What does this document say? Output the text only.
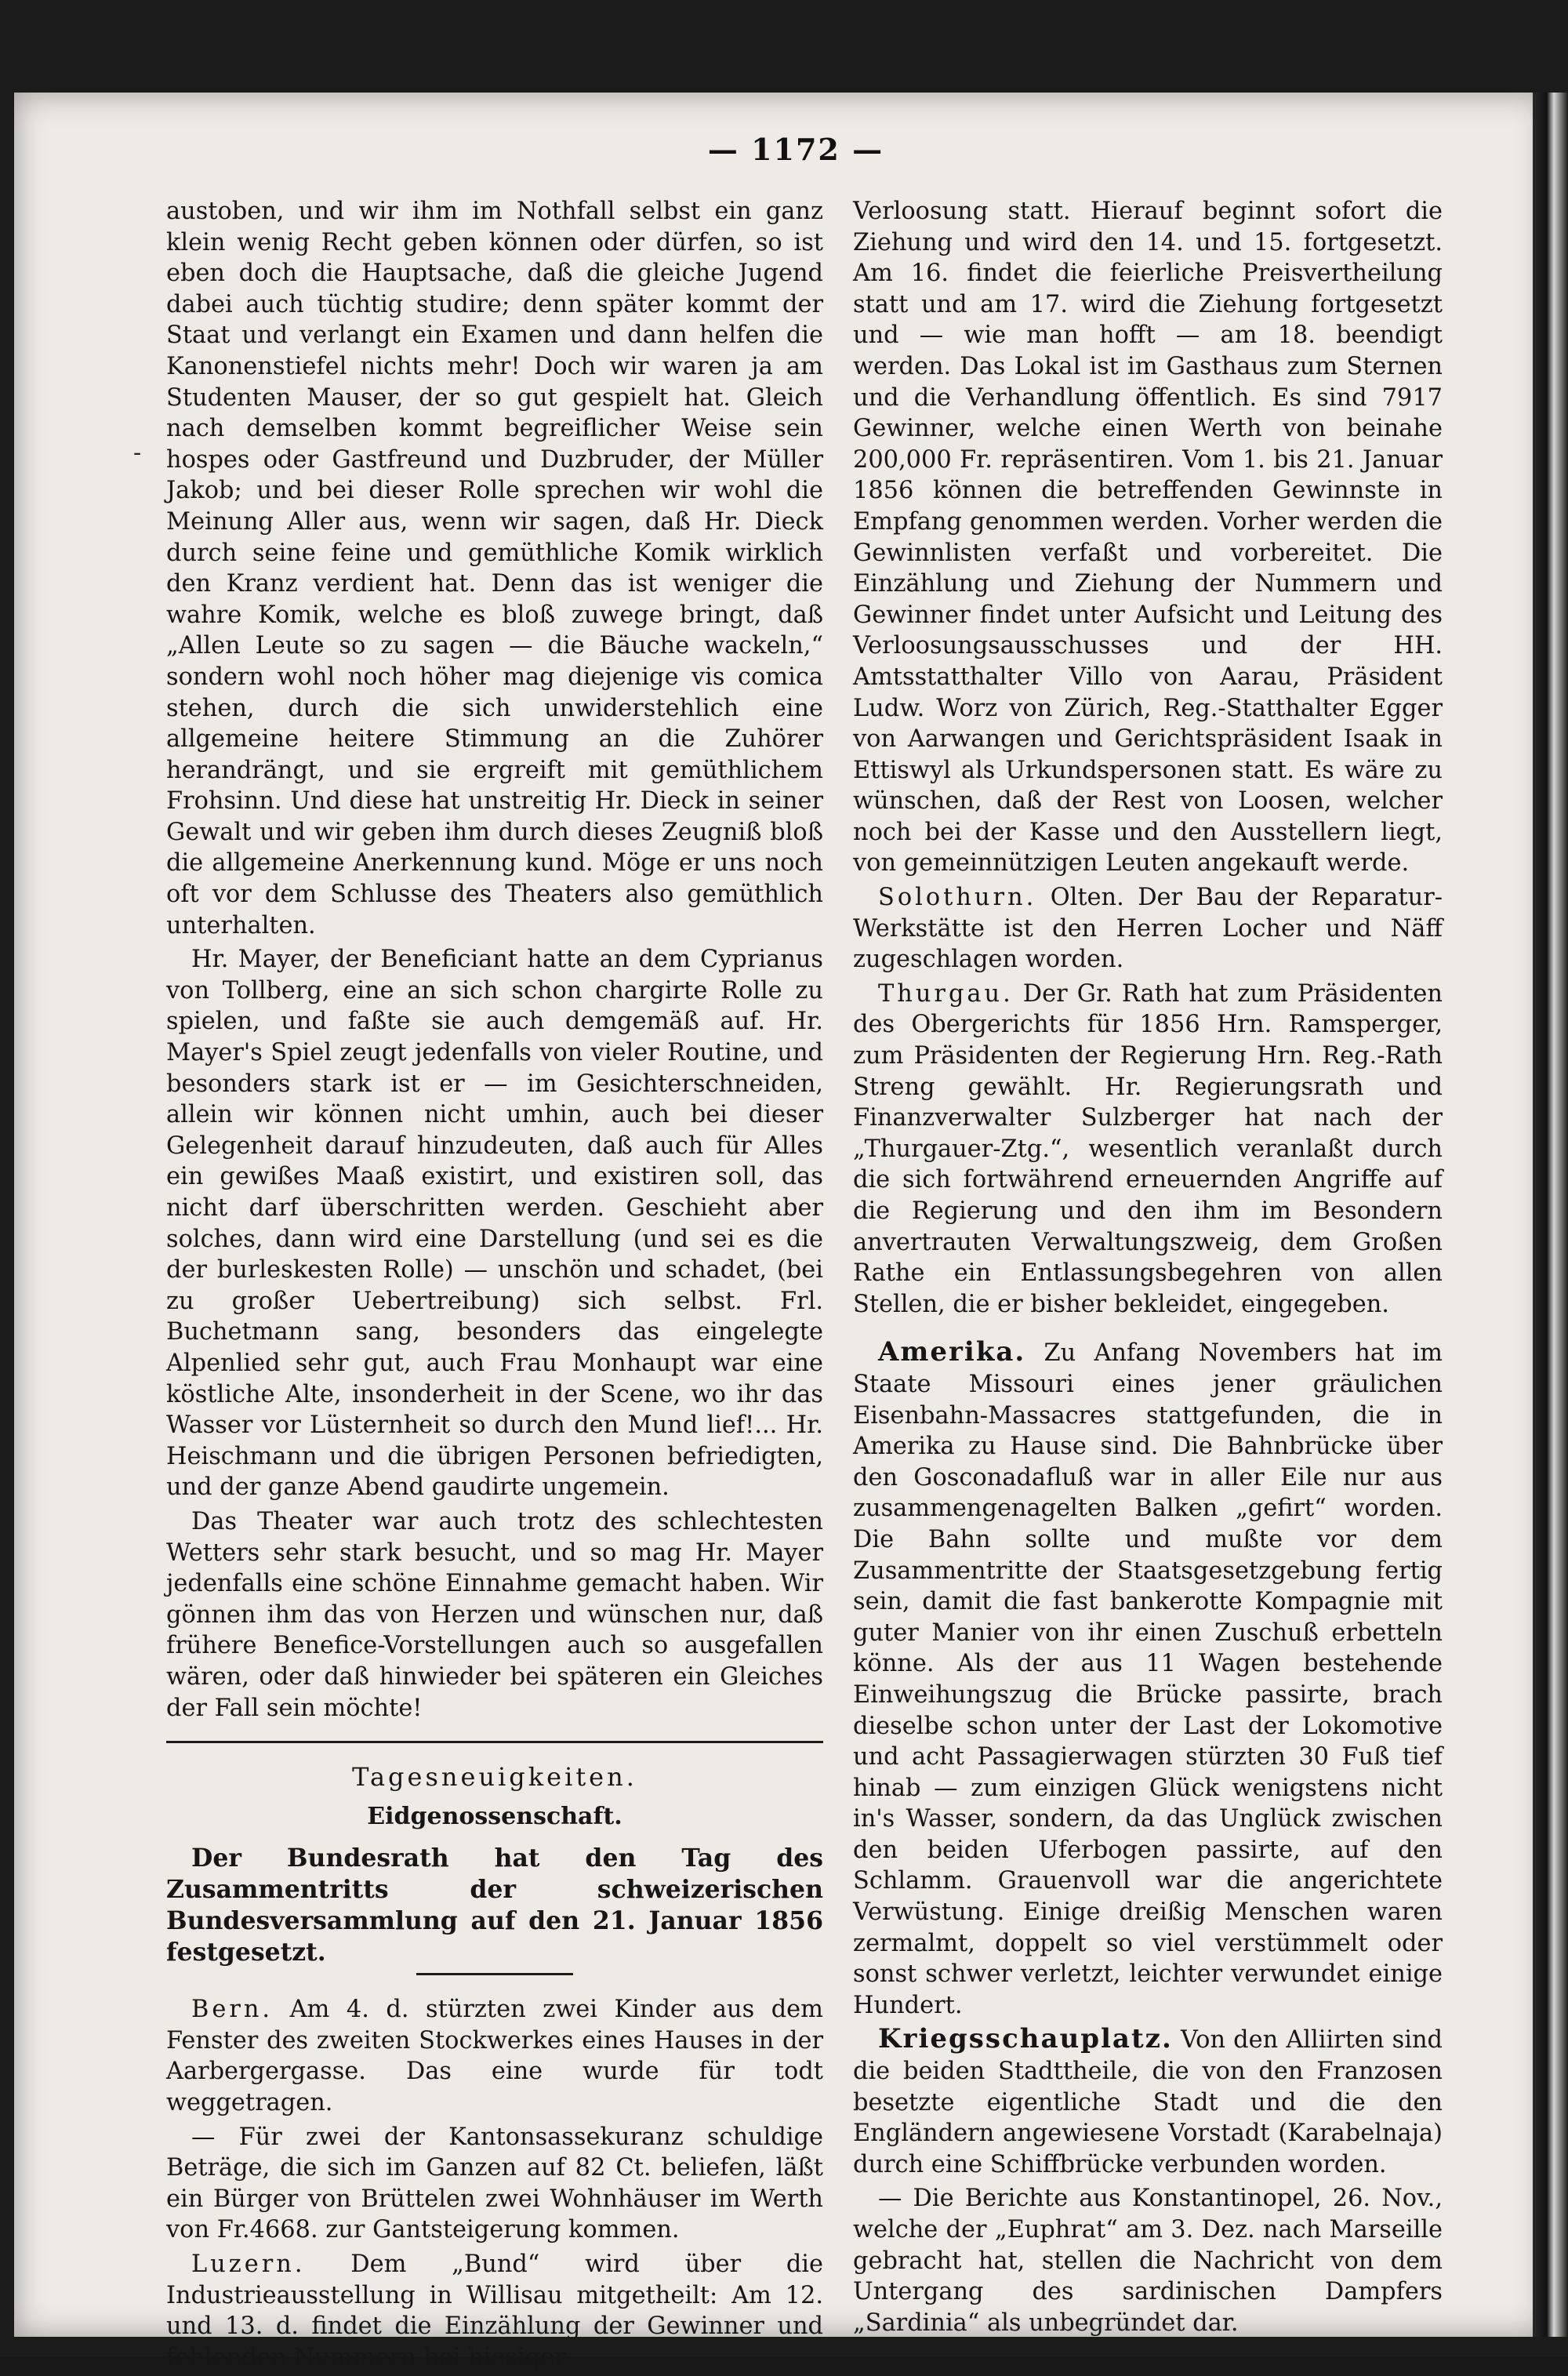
— 1172 —
-

austoben, und wir ihm im Nothfall selbst ein ganz klein wenig Recht geben können oder dürfen, so ist eben doch die Hauptsache, daß die gleiche Jugend dabei auch tüchtig studire; denn später kommt der Staat und verlangt ein Examen und dann helfen die Kanonenstiefel nichts mehr! Doch wir waren ja am Studenten Mauser, der so gut gespielt hat. Gleich nach demselben kommt begreiflicher Weise sein hospes oder Gastfreund und Duzbruder, der Müller Jakob; und bei dieser Rolle sprechen wir wohl die Meinung Aller aus, wenn wir sagen, daß Hr. Dieck durch seine feine und gemüthliche Komik wirklich den Kranz verdient hat. Denn das ist weniger die wahre Komik, welche es bloß zuwege bringt, daß „Allen Leute so zu sagen — die Bäuche wackeln,“ sondern wohl noch höher mag diejenige vis comica stehen, durch die sich unwiderstehlich eine allgemeine heitere Stimmung an die Zuhörer herandrängt, und sie ergreift mit gemüthlichem Frohsinn. Und diese hat unstreitig Hr. Dieck in seiner Gewalt und wir geben ihm durch dieses Zeugniß bloß die allgemeine Anerkennung kund. Möge er uns noch oft vor dem Schlusse des Theaters also gemüthlich unterhalten.

Hr. Mayer, der Beneficiant hatte an dem Cyprianus von Tollberg, eine an sich schon chargirte Rolle zu spielen, und faßte sie auch demgemäß auf. Hr. Mayer's Spiel zeugt jedenfalls von vieler Routine, und besonders stark ist er — im Gesichterschneiden, allein wir können nicht umhin, auch bei dieser Gelegenheit darauf hinzudeuten, daß auch für Alles ein gewißes Maaß existirt, und existiren soll, das nicht darf überschritten werden. Geschieht aber solches, dann wird eine Darstellung (und sei es die der burleskesten Rolle) — unschön und schadet, (bei zu großer Uebertreibung) sich selbst. Frl. Buchetmann sang, besonders das eingelegte Alpenlied sehr gut, auch Frau Monhaupt war eine köstliche Alte, insonderheit in der Scene, wo ihr das Wasser vor Lüsternheit so durch den Mund lief!... Hr. Heischmann und die übrigen Personen befriedigten, und der ganze Abend gaudirte ungemein.

Das Theater war auch trotz des schlechtesten Wetters sehr stark besucht, und so mag Hr. Mayer jedenfalls eine schöne Einnahme gemacht haben. Wir gönnen ihm das von Herzen und wünschen nur, daß frühere Benefice-Vorstellungen auch so ausgefallen wären, oder daß hinwieder bei späteren ein Gleiches der Fall sein möchte!

Tagesneuigkeiten.
Eidgenossenschaft.

Der Bundesrath hat den Tag des Zusammentritts der schweizerischen Bundesversammlung auf den 21. Januar 1856 festgesetzt.

Bern. Am 4. d. stürzten zwei Kinder aus dem Fenster des zweiten Stockwerkes eines Hauses in der Aarbergergasse. Das eine wurde für todt weggetragen.

— Für zwei der Kantonsassekuranz schuldige Beträge, die sich im Ganzen auf 82 Ct. beliefen, läßt ein Bürger von Brüttelen zwei Wohnhäuser im Werth von Fr.4668. zur Gantsteigerung kommen.

Luzern. Dem „Bund“ wird über die Industrieausstellung in Willisau mitgetheilt: Am 12. und 13. d. findet die Einzählung der Gewinner und fehlenden Nummern bei hiesiger

Verloosung statt. Hierauf beginnt sofort die Ziehung und wird den 14. und 15. fortgesetzt. Am 16. findet die feierliche Preisvertheilung statt und am 17. wird die Ziehung fortgesetzt und — wie man hofft — am 18. beendigt werden. Das Lokal ist im Gasthaus zum Sternen und die Verhandlung öffentlich. Es sind 7917 Gewinner, welche einen Werth von beinahe 200,000 Fr. repräsentiren. Vom 1. bis 21. Januar 1856 können die betreffenden Gewinnste in Empfang genommen werden. Vorher werden die Gewinnlisten verfaßt und vorbereitet. Die Einzählung und Ziehung der Nummern und Gewinner findet unter Aufsicht und Leitung des Verloosungsausschusses und der HH. Amtsstatthalter Villo von Aarau, Präsident Ludw. Worz von Zürich, Reg.-Statthalter Egger von Aarwangen und Gerichtspräsident Isaak in Ettiswyl als Urkundspersonen statt. Es wäre zu wünschen, daß der Rest von Loosen, welcher noch bei der Kasse und den Ausstellern liegt, von gemeinnützigen Leuten angekauft werde.

Solothurn. Olten. Der Bau der Reparatur-Werkstätte ist den Herren Locher und Näff zugeschlagen worden.

Thurgau. Der Gr. Rath hat zum Präsidenten des Obergerichts für 1856 Hrn. Ramsperger, zum Präsidenten der Regierung Hrn. Reg.-Rath Streng gewählt. Hr. Regierungsrath und Finanzverwalter Sulzberger hat nach der „Thurgauer-Ztg.“, wesentlich veranlaßt durch die sich fortwährend erneuernden Angriffe auf die Regierung und den ihm im Besondern anvertrauten Verwaltungszweig, dem Großen Rathe ein Entlassungsbegehren von allen Stellen, die er bisher bekleidet, eingegeben.

Amerika. Zu Anfang Novembers hat im Staate Missouri eines jener gräulichen Eisenbahn-Massacres stattgefunden, die in Amerika zu Hause sind. Die Bahnbrücke über den Gosconadafluß war in aller Eile nur aus zusammengenagelten Balken „gefirt“ worden. Die Bahn sollte und mußte vor dem Zusammentritte der Staatsgesetzgebung fertig sein, damit die fast bankerotte Kompagnie mit guter Manier von ihr einen Zuschuß erbetteln könne. Als der aus 11 Wagen bestehende Einweihungszug die Brücke passirte, brach dieselbe schon unter der Last der Lokomotive und acht Passagierwagen stürzten 30 Fuß tief hinab — zum einzigen Glück wenigstens nicht in's Wasser, sondern, da das Unglück zwischen den beiden Uferbogen passirte, auf den Schlamm. Grauenvoll war die angerichtete Verwüstung. Einige dreißig Menschen waren zermalmt, doppelt so viel verstümmelt oder sonst schwer verletzt, leichter verwundet einige Hundert.

Kriegsschauplatz. Von den Alliirten sind die beiden Stadttheile, die von den Franzosen besetzte eigentliche Stadt und die den Engländern angewiesene Vorstadt (Karabelnaja) durch eine Schiffbrücke verbunden worden.

— Die Berichte aus Konstantinopel, 26. Nov., welche der „Euphrat“ am 3. Dez. nach Marseille gebracht hat, stellen die Nachricht von dem Untergang des sardinischen Dampfers „Sardinia“ als unbegründet dar.
